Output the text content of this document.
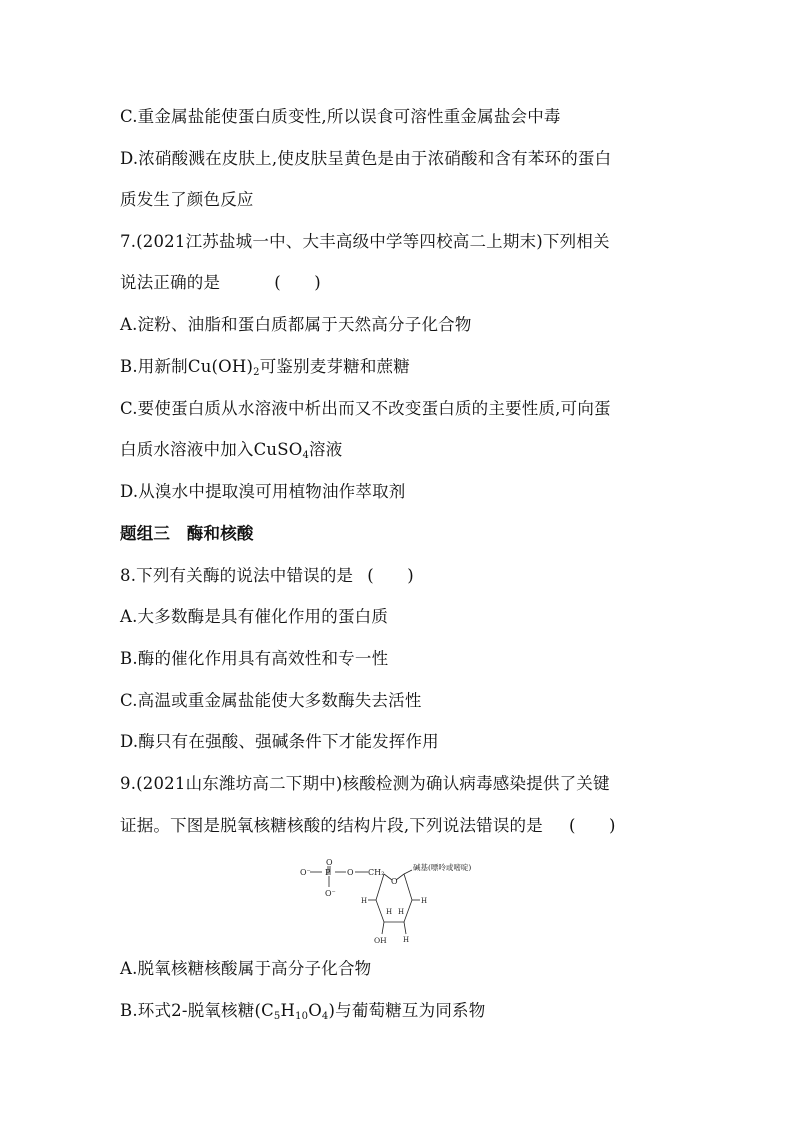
C.重金属盐能使蛋白质变性,所以误食可溶性重金属盐会中毒
D.浓硝酸溅在皮肤上,使皮肤呈黄色是由于浓硝酸和含有苯环的蛋白
质发生了颜色反应
7.(2021江苏盐城一中、大丰高级中学等四校高二上期末)下列相关
说法正确的是	(　　)
A.淀粉、油脂和蛋白质都属于天然高分子化合物
B.用新制$Cu(OH)_2$可鉴别麦芽糖和蔗糖
C.要使蛋白质从水溶液中析出而又不改变蛋白质的主要性质,可向蛋
白质水溶液中加入CuSO$_4$溶液
D.从溴水中提取溴可用植物油作萃取剂
题组三　酶和核酸
8.下列有关酶的说法中错误的是 (　　)
A.大多数酶是具有催化作用的蛋白质
B.酶的催化作用具有高效性和专一性
C.高温或重金属盐能使大多数酶失去活性
D.酶只有在强酸、强碱条件下才能发挥作用
9.(2021山东潍坊高二下期中)核酸检测为确认病毒感染提供了关键
证据。下图是脱氧核糖核酸的结构片段,下列说法错误的是 (　　)
O
O⁻ P O CH₂
O⁻
O
碱基(嘌呤或嘧啶)
H	H
H H
H
OH
A.脱氧核糖核酸属于高分子化合物
B.环式2-脱氧核糖$(C_5H_{10}O_4)$与葡萄糖互为同系物
